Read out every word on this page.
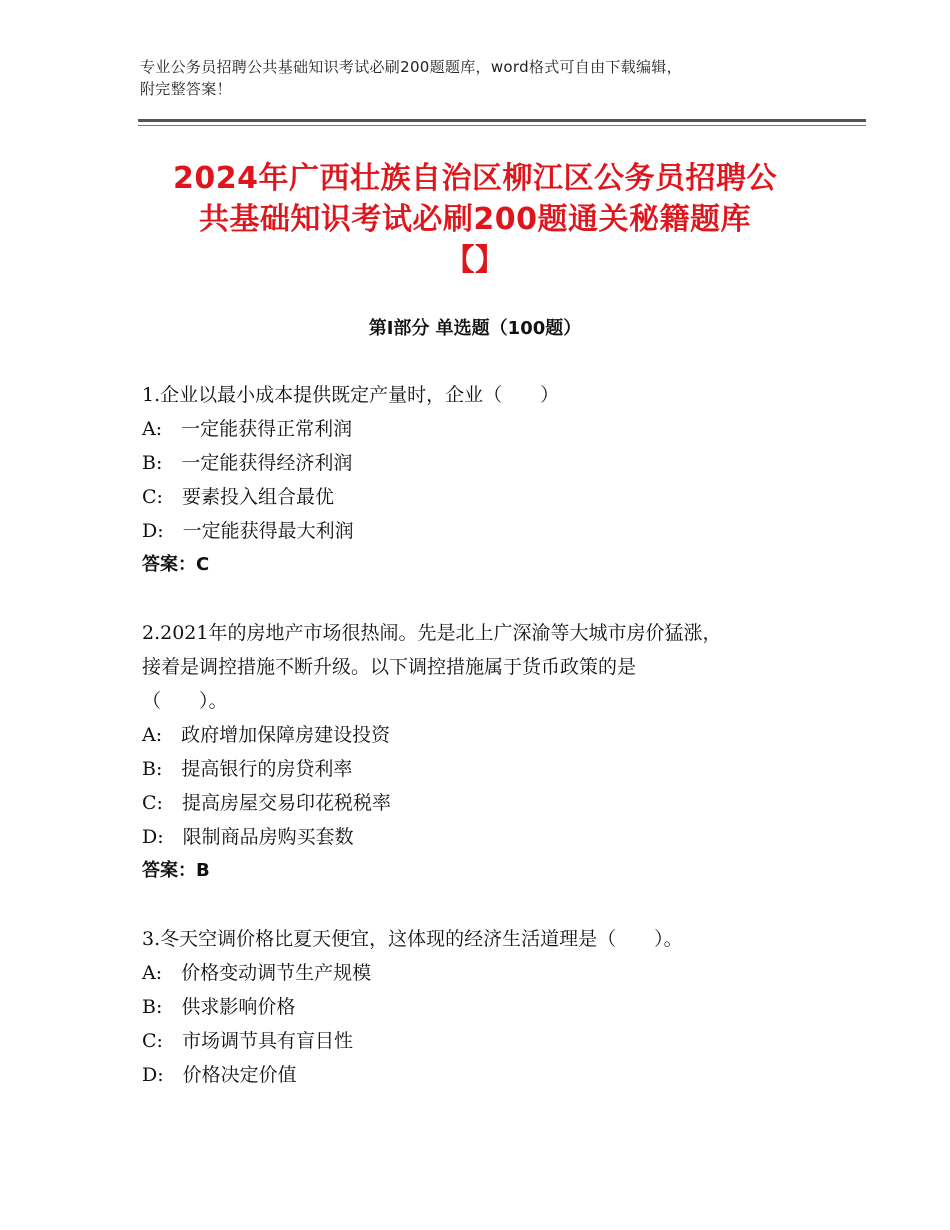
专业公务员招聘公共基础知识考试必刷200题题库，word格式可自由下载编辑，
附完整答案！
2024年广西壮族自治区柳江区公务员招聘公
共基础知识考试必刷200题通关秘籍题库
【】
第Ⅰ部分 单选题（100题）
1.企业以最小成本提供既定产量时，企业（　　）
A:　一定能获得正常利润
B:　一定能获得经济利润
C:　要素投入组合最优
D:　一定能获得最大利润
答案：C
2.2021年的房地产市场很热闹。先是北上广深渝等大城市房价猛涨，
接着是调控措施不断升级。以下调控措施属于货币政策的是
（　　）。
A:　政府增加保障房建设投资
B:　提高银行的房贷利率
C:　提高房屋交易印花税税率
D:　限制商品房购买套数
答案：B
3.冬天空调价格比夏天便宜，这体现的经济生活道理是（　　）。
A:　价格变动调节生产规模
B:　供求影响价格
C:　市场调节具有盲目性
D:　价格决定价值
